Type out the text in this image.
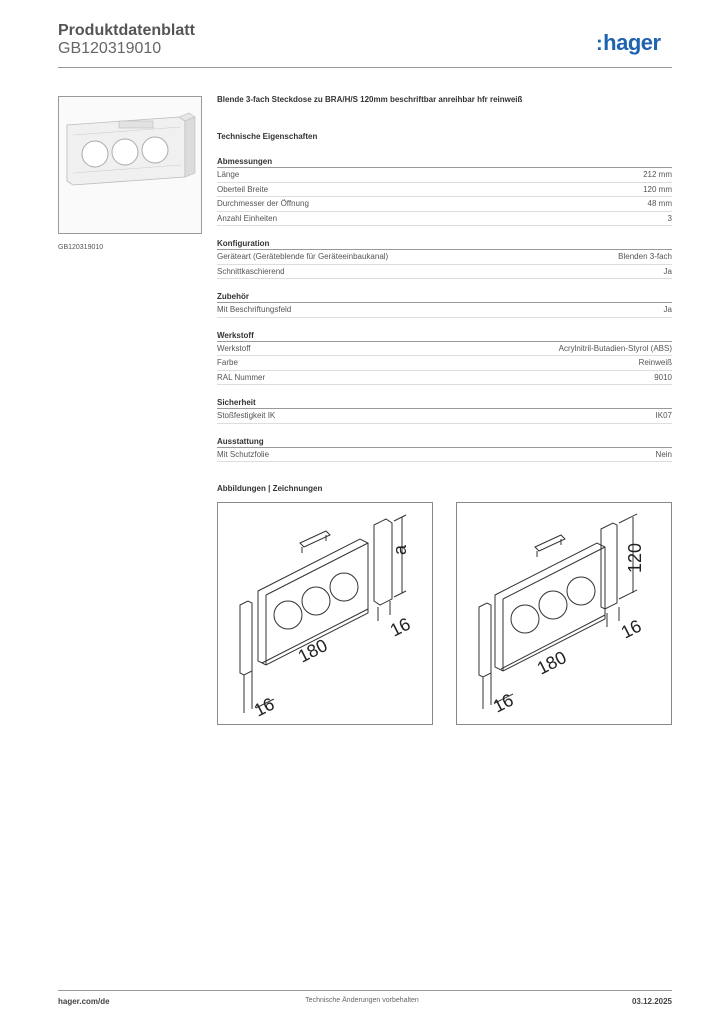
Produktdatenblatt
GB120319010	:hager
GB120319010
Blende 3-fach Steckdose zu BRA/H/S 120mm beschriftbar anreihbar hfr reinweiß
Technische Eigenschaften
Abmessungen
Länge	212 mm
Oberteil Breite	120 mm
Durchmesser der Öffnung	48 mm
Anzahl Einheiten	3
Konfiguration
Geräteart (Geräteblende für Geräteeinbaukanal)	Blenden 3-fach
Schnittkaschierend	Ja
Zubehör
Mit Beschriftungsfeld	Ja
Werkstoff
Werkstoff	Acrylnitril-Butadien-Styrol (ABS)
Farbe	Reinweiß
RAL Nummer	9010
Sicherheit
Stoßfestigkeit IK	IK07
Ausstattung
Mit Schutzfolie	Nein
Abbildungen | Zeichnungen
a
180
16
16
120
180
16
16
hager.com/de	Technische Änderungen vorbehalten	03.12.2025
